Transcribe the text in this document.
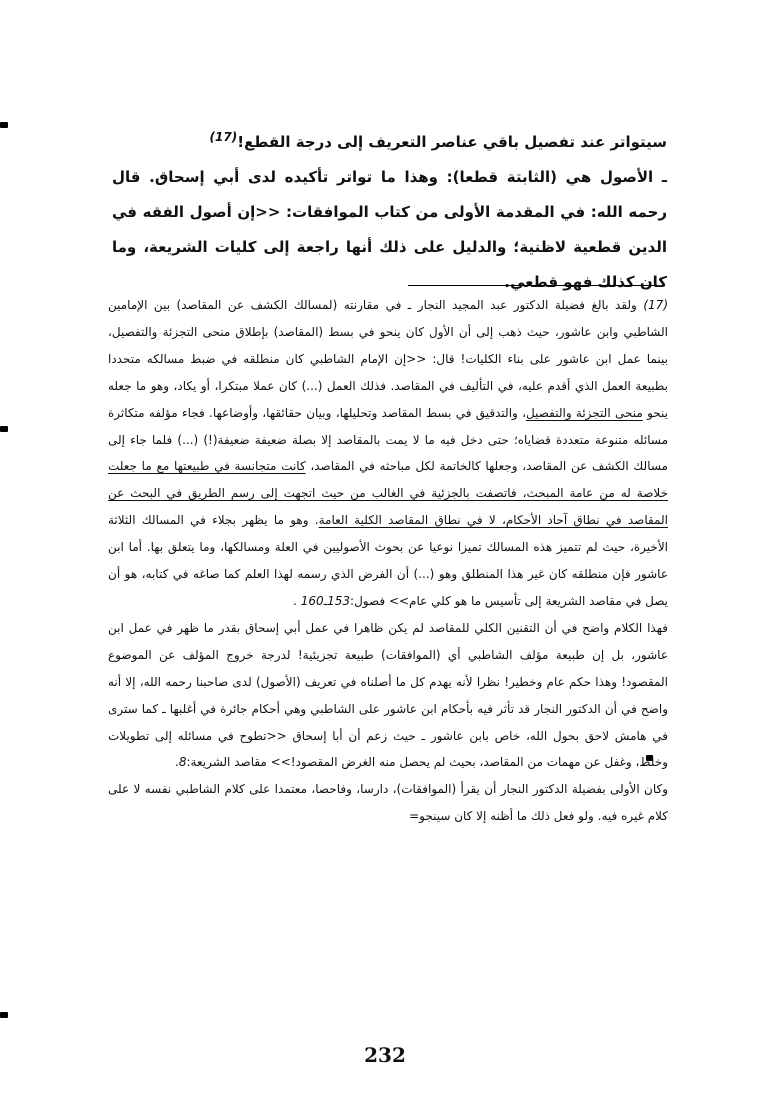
سيتواتر عند تفصيل باقي عناصر التعريف إلى درجة القطع!$^{(17)}$

ـ الأصول هي (الثابتة قطعا): وهذا ما تواتر تأكيده لدى أبي إسحاق. قال رحمه الله: في المقدمة الأولى من كتاب الموافقات: <<إن أصول الفقه في الدين قطعية لاظنية؛ والدليل على ذلك أنها راجعة إلى كليات الشريعة، وما كان كذلك فهو قطعي.

(17) ولقد بالغ فضيلة الدكتور عبد المجيد النجار ـ في مقارنته (لمسالك الكشف عن المقاصد) بين الإمامين الشاطبي وابن عاشور، حيث ذهب إلى أن الأول كان ينحو في بسط (المقاصد) بإطلاق منحى التجزئة والتفصيل، بينما عمل ابن عاشور على بناء الكليات! قال: <<إن الإمام الشاطبي كان منطلقه في ضبط مسالكه متحددا بطبيعة العمل الذي أقدم عليه، في التأليف في المقاصد. فذلك العمل (...) كان عملا مبتكرا، أو يكاد، وهو ما جعله ينحو منحى التجزئة والتفصيل، والتدقيق في بسط المقاصد وتحليلها، وبيان حقائقها، وأوضاعها. فجاء مؤلفه متكاثرة مسائله متنوعة متعددة قضاياه؛ حتى دخل فيه ما لا يمت بالمقاصد إلا بصلة ضعيفة ضعيفة(!) (...) فلما جاء إلى مسالك الكشف عن المقاصد، وجعلها كالخاتمة لكل مباحثه في المقاصد، كانت متجانسة في طبيعتها مع ما جعلت خلاصة له من عامة المبحث، فاتصفت بالجزئية في الغالب من حيث اتجهت إلى رسم الطريق في البحث عن المقاصد في نطاق آحاد الأحكام، لا في نطاق المقاصد الكلية العامة. وهو ما يظهر بجلاء في المسالك الثلاثة الأخيرة، حيث لم تتميز هذه المسالك تميزا نوعيا عن بحوث الأصوليين في العلة ومسالكها، وما يتعلق بها. أما ابن عاشور فإن منطلقه كان غير هذا المنطلق وهو (...) أن الفرض الذي رسمه لهذا العلم كما صاغه في كتابه، هو أن يصل في مقاصد الشريعة إلى تأسيس ما هو كلي عام>> فصول:153ـ160 .

فهذا الكلام واضح في أن التقنين الكلي للمقاصد لم يكن ظاهرا في عمل أبي إسحاق بقدر ما ظهر في عمل ابن عاشور، بل إن طبيعة مؤلف الشاطبي أي (الموافقات) طبيعة تجزيئية! لدرجة خروج المؤلف عن الموضوع المقصود! وهذا حكم عام وخطير! نظرا لأنه يهدم كل ما أصلناه في تعريف (الأصول) لدى صاحبنا رحمه الله، إلا أنه واضح في أن الدكتور النجار قد تأثر فيه بأحكام ابن عاشور على الشاطبي وهي أحكام جائرة في أغلبها ـ كما سترى في هامش لاحق بحول الله، خاص بابن عاشور ـ حيث زعم أن أبا إسحاق <<تطوح في مسائله إلى تطويلات وخلط، وغفل عن مهمات من المقاصد، بحيث لم يحصل منه الغرض المقصود!>> مقاصد الشريعة:8.

وكان الأولى بفضيلة الدكتور النجار أن يقرأ (الموافقات)، دارسا، وفاحصا، معتمدا على كلام الشاطبي نفسه لا على كلام غيره فيه. ولو فعل ذلك ما أظنه إلا كان سينجو=

232
